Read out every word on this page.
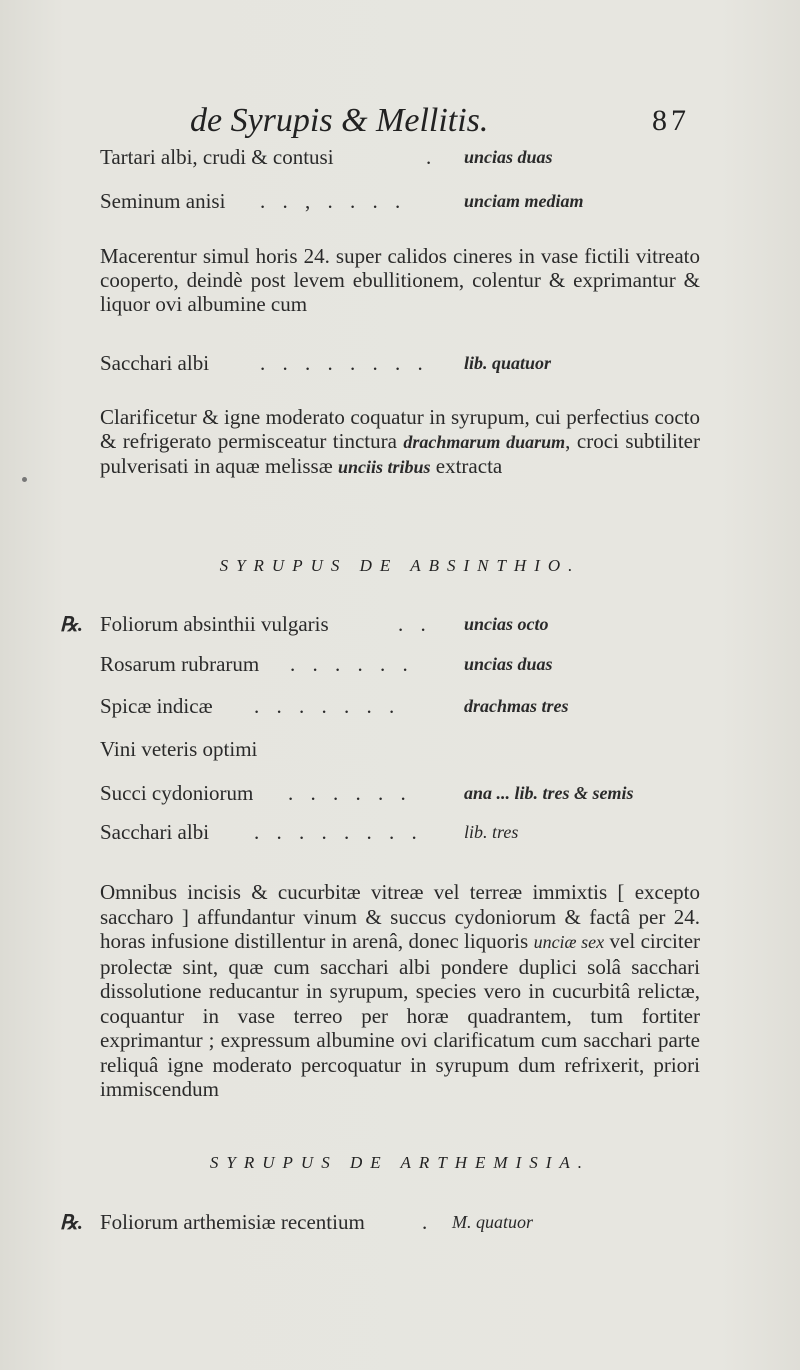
de Syrupis & Mellitis.	87
Tartari albi, crudi & contusi	. uncias duas
Seminum anisi . . , . . . .	unciam mediam
Macerentur simul horis 24. super calidos cineres in vase fictili vitreato cooperto, deindè post levem ebullitionem, colentur & exprimantur & liquor ovi albumine cum
Sacchari albi . . . . . . . . lib. quatuor
Clarificetur & igne moderato coquatur in syrupum, cui perfectius cocto & refrigerato permisceatur tinctura drachmarum duarum, croci subtiliter pulverisati in aquæ melissæ unciis tribus extracta
SYRUPUS DE ABSINTHIO.
℞. Foliorum absinthii vulgaris	. . uncias octo
Rosarum rubrarum . . . . . .	uncias duas
Spicæ indicæ . . . . . . .	drachmas tres
Vini veteris optimi
Succi cydoniorum . . . . . .	ana ... lib. tres & semis
Sacchari albi . . . . . . . . lib. tres
Omnibus incisis & cucurbitæ vitreæ vel terreæ immixtis [ excepto saccharo ] affundantur vinum & succus cydoniorum & factâ per 24. horas infusione distillentur in arenâ, donec liquoris unciæ sex vel circiter prolectæ sint, quæ cum sacchari albi pondere duplici solâ sacchari dissolutione reducantur in syrupum, species vero in cucurbitâ relictæ, coquantur in vase terreo per horæ quadrantem, tum fortiter exprimantur ; expressum albumine ovi clarificatum cum sacchari parte reliquâ igne moderato percoquatur in syrupum dum refrixerit, priori immiscendum
SYRUPUS DE ARTHEMISIA.
℞. Foliorum arthemisiæ recentium	. M. quatuor
